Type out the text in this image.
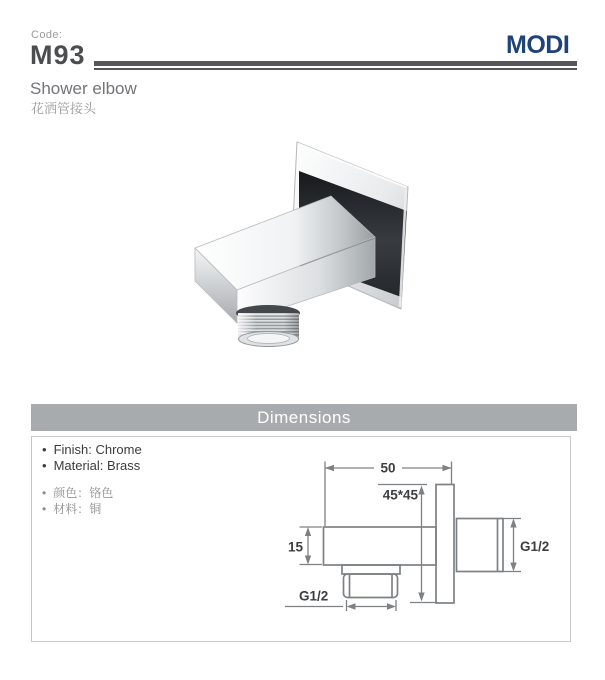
Code:
M93	MODI
Shower elbow
花洒管接头
Dimensions
• Finish: Chrome
• Material: Brass
• 颜色：铬色
• 材料：铜
50
45*45
15	G1/2
G1/2
